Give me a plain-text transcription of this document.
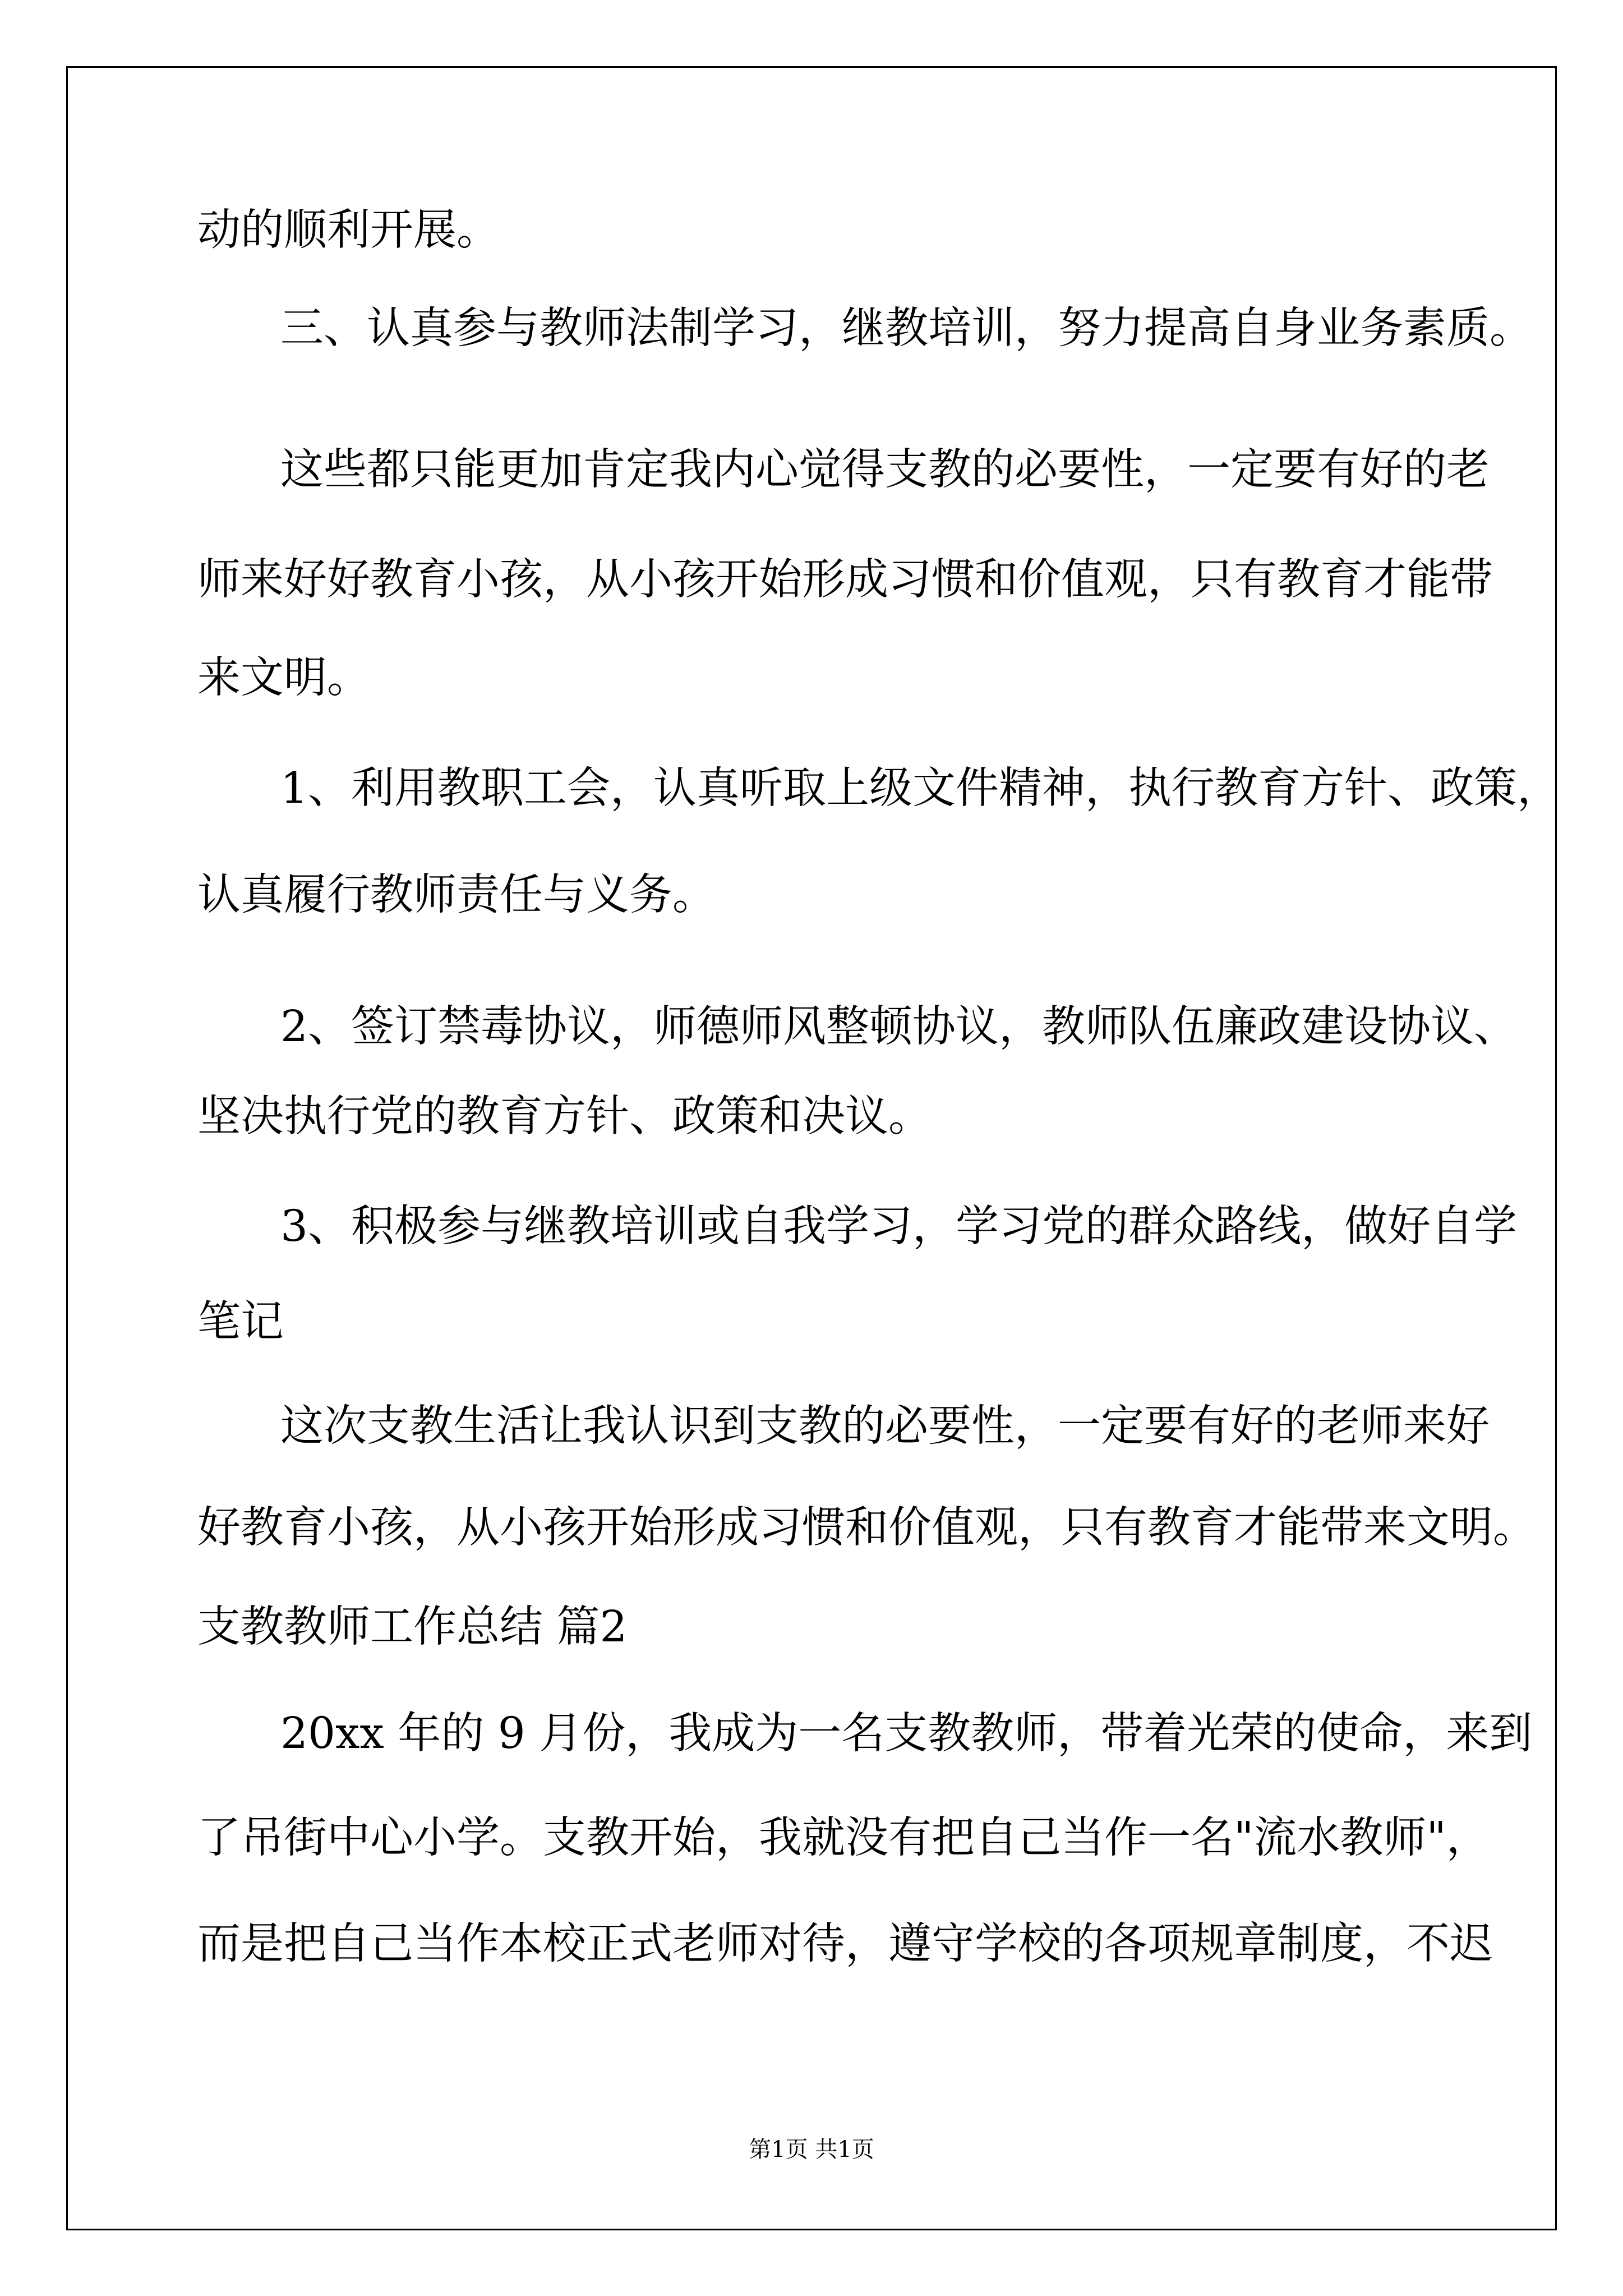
动的顺利开展。
三、认真参与教师法制学习，继教培训，努力提高自身业务素质。
这些都只能更加肯定我内心觉得支教的必要性，一定要有好的老
师来好好教育小孩，从小孩开始形成习惯和价值观，只有教育才能带
来文明。
1、利用教职工会，认真听取上级文件精神，执行教育方针、政策，
认真履行教师责任与义务。
2、签订禁毒协议，师德师风整顿协议，教师队伍廉政建设协议、
坚决执行党的教育方针、政策和决议。
3、积极参与继教培训或自我学习，学习党的群众路线，做好自学
笔记
这次支教生活让我认识到支教的必要性，一定要有好的老师来好
好教育小孩，从小孩开始形成习惯和价值观，只有教育才能带来文明。
支教教师工作总结 篇2
20xx 年的 9 月份，我成为一名支教教师，带着光荣的使命，来到
了吊街中心小学。支教开始，我就没有把自己当作一名"流水教师"，
而是把自己当作本校正式老师对待，遵守学校的各项规章制度，不迟
第1页 共1页
